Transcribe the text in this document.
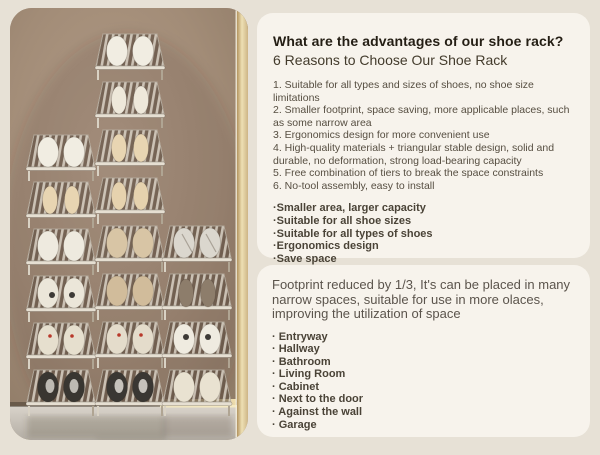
What are the advantages of our shoe rack?
6 Reasons to Choose Our Shoe Rack

1. Suitable for all types and sizes of shoes, no shoe size limitations

2. Smaller footprint, space saving, more applicable places, such as some narrow area

3. Ergonomics design for more convenient use

4. High-quality materials + triangular stable design, solid and durable, no deformation, strong load-bearing capacity

5. Free combination of tiers to break the space constraints

6. No-tool assembly, easy to install

·Smaller area, larger capacity
·Suitable for all shoe sizes
·Suitable for all types of shoes
·Ergonomics design
·Save space

Footprint reduced by 1/3, It's can be placed in many narrow spaces, suitable for use in more olaces, improving the utilization of space

· Entryway
· Hallway
· Bathroom
· Living Room
· Cabinet
· Next to the door
· Against the wall
· Garage
